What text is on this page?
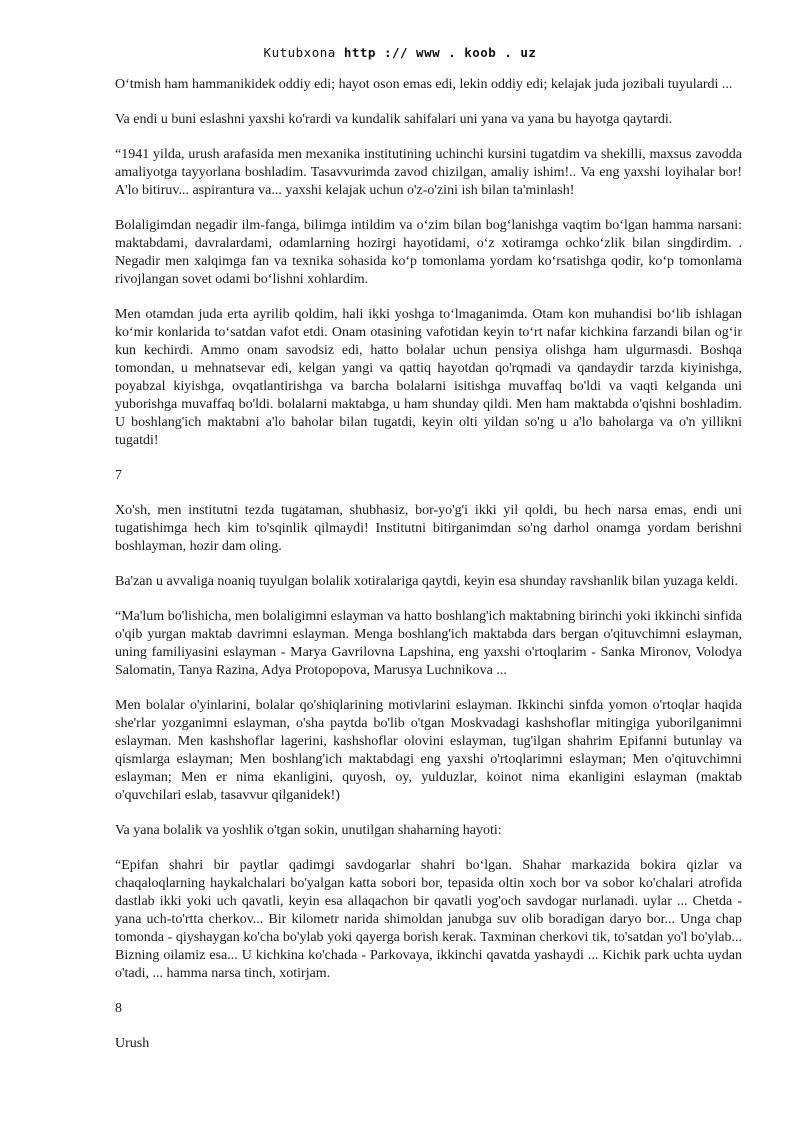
Kutubxona http :// www . koob . uz

O‘tmish ham hammanikidek oddiy edi; hayot oson emas edi, lekin oddiy edi; kelajak juda jozibali tuyulardi ...

Va endi u buni eslashni yaxshi ko'rardi va kundalik sahifalari uni yana va yana bu hayotga qaytardi.

“1941 yilda, urush arafasida men mexanika institutining uchinchi kursini tugatdim va shekilli, maxsus zavodda amaliyotga tayyorlana boshladim. Tasavvurimda zavod chizilgan, amaliy ishim!.. Va eng yaxshi loyihalar bor! A'lo bitiruv... aspirantura va... yaxshi kelajak uchun o'z-o'zini ish bilan ta'minlash!

Bolaligimdan negadir ilm-fanga, bilimga intildim va o‘zim bilan bog‘lanishga vaqtim bo‘lgan hamma narsani: maktabdami, davralardami, odamlarning hozirgi hayotidami, o‘z xotiramga ochko‘zlik bilan singdirdim. . Negadir men xalqimga fan va texnika sohasida ko‘p tomonlama yordam ko‘rsatishga qodir, ko‘p tomonlama rivojlangan sovet odami bo‘lishni xohlardim.

Men otamdan juda erta ayrilib qoldim, hali ikki yoshga to‘lmaganimda. Otam kon muhandisi bo‘lib ishlagan ko‘mir konlarida to‘satdan vafot etdi. Onam otasining vafotidan keyin to‘rt nafar kichkina farzandi bilan og‘ir kun kechirdi. Ammo onam savodsiz edi, hatto bolalar uchun pensiya olishga ham ulgurmasdi. Boshqa tomondan, u mehnatsevar edi, kelgan yangi va qattiq hayotdan qo'rqmadi va qandaydir tarzda kiyinishga, poyabzal kiyishga, ovqatlantirishga va barcha bolalarni isitishga muvaffaq bo'ldi va vaqti kelganda uni yuborishga muvaffaq bo'ldi. bolalarni maktabga, u ham shunday qildi. Men ham maktabda o'qishni boshladim. U boshlang'ich maktabni a'lo baholar bilan tugatdi, keyin olti yildan so'ng u a'lo baholarga va o'n yillikni tugatdi!

7

Xo'sh, men institutni tezda tugataman, shubhasiz, bor-yo'g'i ikki yil qoldi, bu hech narsa emas, endi uni tugatishimga hech kim to'sqinlik qilmaydi! Institutni bitirganimdan so'ng darhol onamga yordam berishni boshlayman, hozir dam oling.

Ba'zan u avvaliga noaniq tuyulgan bolalik xotiralariga qaytdi, keyin esa shunday ravshanlik bilan yuzaga keldi.

“Ma'lum bo'lishicha, men bolaligimni eslayman va hatto boshlang'ich maktabning birinchi yoki ikkinchi sinfida o'qib yurgan maktab davrimni eslayman. Menga boshlang'ich maktabda dars bergan o'qituvchimni eslayman, uning familiyasini eslayman - Marya Gavrilovna Lapshina, eng yaxshi o'rtoqlarim - Sanka Mironov, Volodya Salomatin, Tanya Razina, Adya Protopopova, Marusya Luchnikova ...

Men bolalar o'yinlarini, bolalar qo'shiqlarining motivlarini eslayman. Ikkinchi sinfda yomon o'rtoqlar haqida she'rlar yozganimni eslayman, o'sha paytda bo'lib o'tgan Moskvadagi kashshoflar mitingiga yuborilganimni eslayman. Men kashshoflar lagerini, kashshoflar olovini eslayman, tug'ilgan shahrim Epifanni butunlay va qismlarga eslayman; Men boshlang'ich maktabdagi eng yaxshi o'rtoqlarimni eslayman; Men o'qituvchimni eslayman; Men er nima ekanligini, quyosh, oy, yulduzlar, koinot nima ekanligini eslayman (maktab o'quvchilari eslab, tasavvur qilganidek!)

Va yana bolalik va yoshlik o'tgan sokin, unutilgan shaharning hayoti:

“Epifan shahri bir paytlar qadimgi savdogarlar shahri bo‘lgan. Shahar markazida bokira qizlar va chaqaloqlarning haykalchalari bo'yalgan katta sobori bor, tepasida oltin xoch bor va sobor ko'chalari atrofida dastlab ikki yoki uch qavatli, keyin esa allaqachon bir qavatli yog'och savdogar nurlanadi. uylar ... Chetda - yana uch-to'rtta cherkov... Bir kilometr narida shimoldan janubga suv olib boradigan daryo bor... Unga chap tomonda - qiyshaygan ko'cha bo'ylab yoki qayerga borish kerak. Taxminan cherkovi tik, to'satdan yo'l bo'ylab... Bizning oilamiz esa... U kichkina ko'chada - Parkovaya, ikkinchi qavatda yashaydi ... Kichik park uchta uydan o'tadi, ... hamma narsa tinch, xotirjam.

8

Urush
